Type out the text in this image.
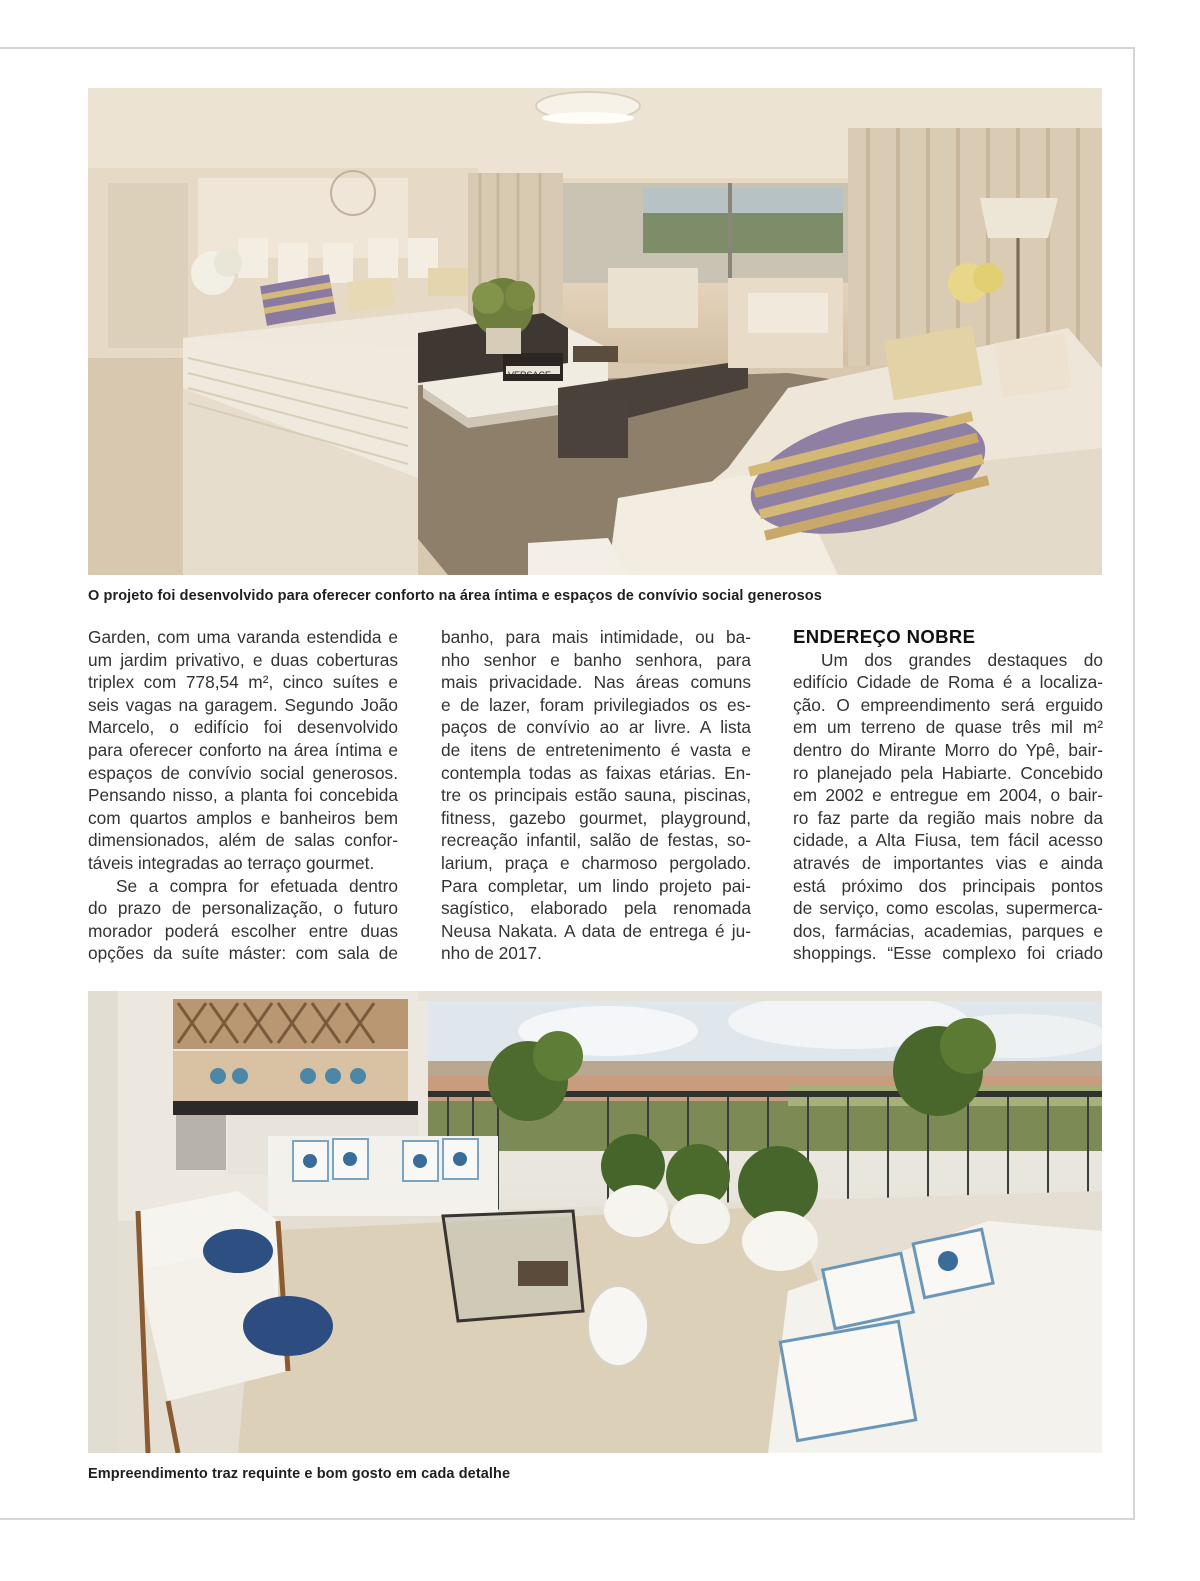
VERSACE
O projeto foi desenvolvido para oferecer conforto na área íntima e espaços de convívio social generosos

Garden, com uma varanda estendida e

um jardim privativo, e duas coberturas

triplex com 778,54 m², cinco suítes e

seis vagas na garagem. Segundo João

Marcelo, o edifício foi desenvolvido

para oferecer conforto na área íntima e

espaços de convívio social generosos.

Pensando nisso, a planta foi concebida

com quartos amplos e banheiros bem

dimensionados, além de salas confor-

táveis integradas ao terraço gourmet.

Se a compra for efetuada dentro

do prazo de personalização, o futuro

morador poderá escolher entre duas

opções da suíte máster: com sala de

banho, para mais intimidade, ou ba-

nho senhor e banho senhora, para

mais privacidade. Nas áreas comuns

e de lazer, foram privilegiados os es-

paços de convívio ao ar livre. A lista

de itens de entretenimento é vasta e

contempla todas as faixas etárias. En-

tre os principais estão sauna, piscinas,

fitness, gazebo gourmet, playground,

recreação infantil, salão de festas, so-

larium, praça e charmoso pergolado.

Para completar, um lindo projeto pai-

sagístico, elaborado pela renomada

Neusa Nakata. A data de entrega é ju-

nho de 2017.

ENDEREÇO NOBRE

Um dos grandes destaques do

edifício Cidade de Roma é a localiza-

ção. O empreendimento será erguido

em um terreno de quase três mil m²

dentro do Mirante Morro do Ypê, bair-

ro planejado pela Habiarte. Concebido

em 2002 e entregue em 2004, o bair-

ro faz parte da região mais nobre da

cidade, a Alta Fiusa, tem fácil acesso

através de importantes vias e ainda

está próximo dos principais pontos

de serviço, como escolas, supermerca-

dos, farmácias, academias, parques e

shoppings. “Esse complexo foi criado

Empreendimento traz requinte e bom gosto em cada detalhe
